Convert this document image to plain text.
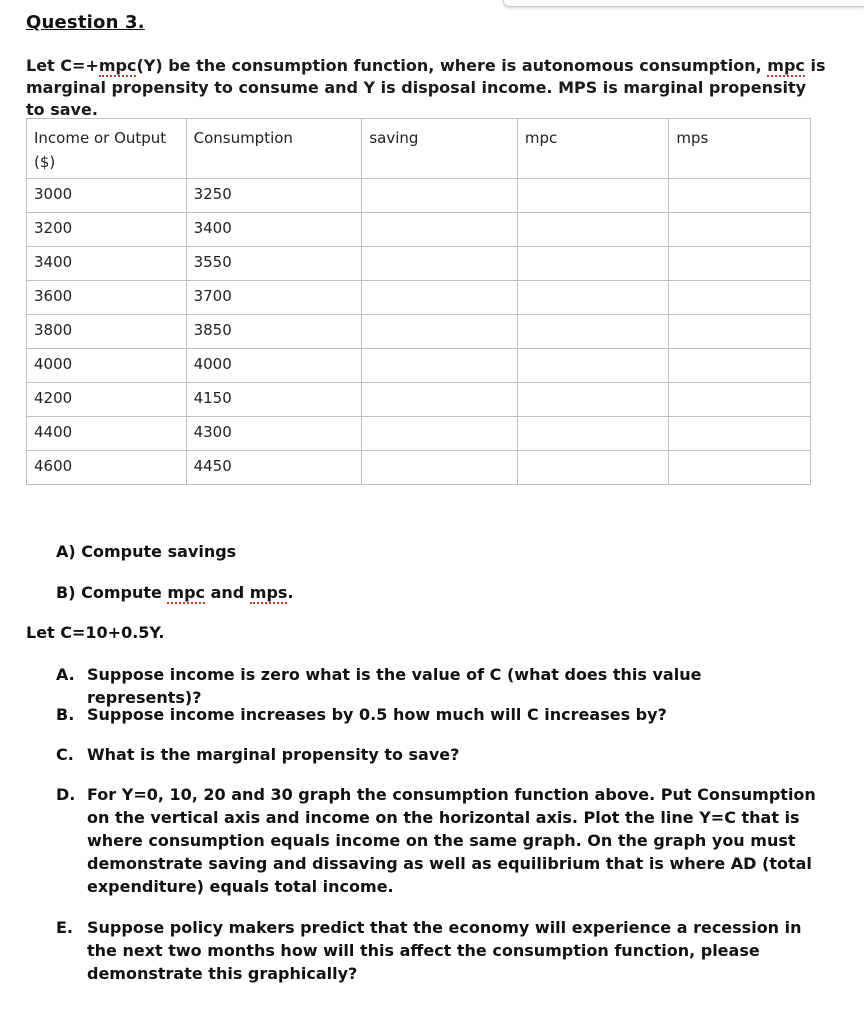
Question 3.
Let C=+mpc(Y) be the consumption function, where is autonomous consumption, mpc is marginal propensity to consume and Y is disposal income. MPS is marginal propensity to save.
Income or Output ($)	Consumption	saving	mpc	mps
3000	3250			
3200	3400			
3400	3550			
3600	3700			
3800	3850			
4000	4000			
4200	4150			
4400	4300			
4600	4450			
A) Compute savings
B) Compute mpc and mps.
Let C=10+0.5Y.
A. Suppose income is zero what is the value of C (what does this value represents)?
B. Suppose income increases by 0.5 how much will C increases by?
C. What is the marginal propensity to save?
D. For Y=0, 10, 20 and 30 graph the consumption function above. Put Consumption on the vertical axis and income on the horizontal axis. Plot the line Y=C that is where consumption equals income on the same graph. On the graph you must demonstrate saving and dissaving as well as equilibrium that is where AD (total expenditure) equals total income.
E. Suppose policy makers predict that the economy will experience a recession in the next two months how will this affect the consumption function, please demonstrate this graphically?
